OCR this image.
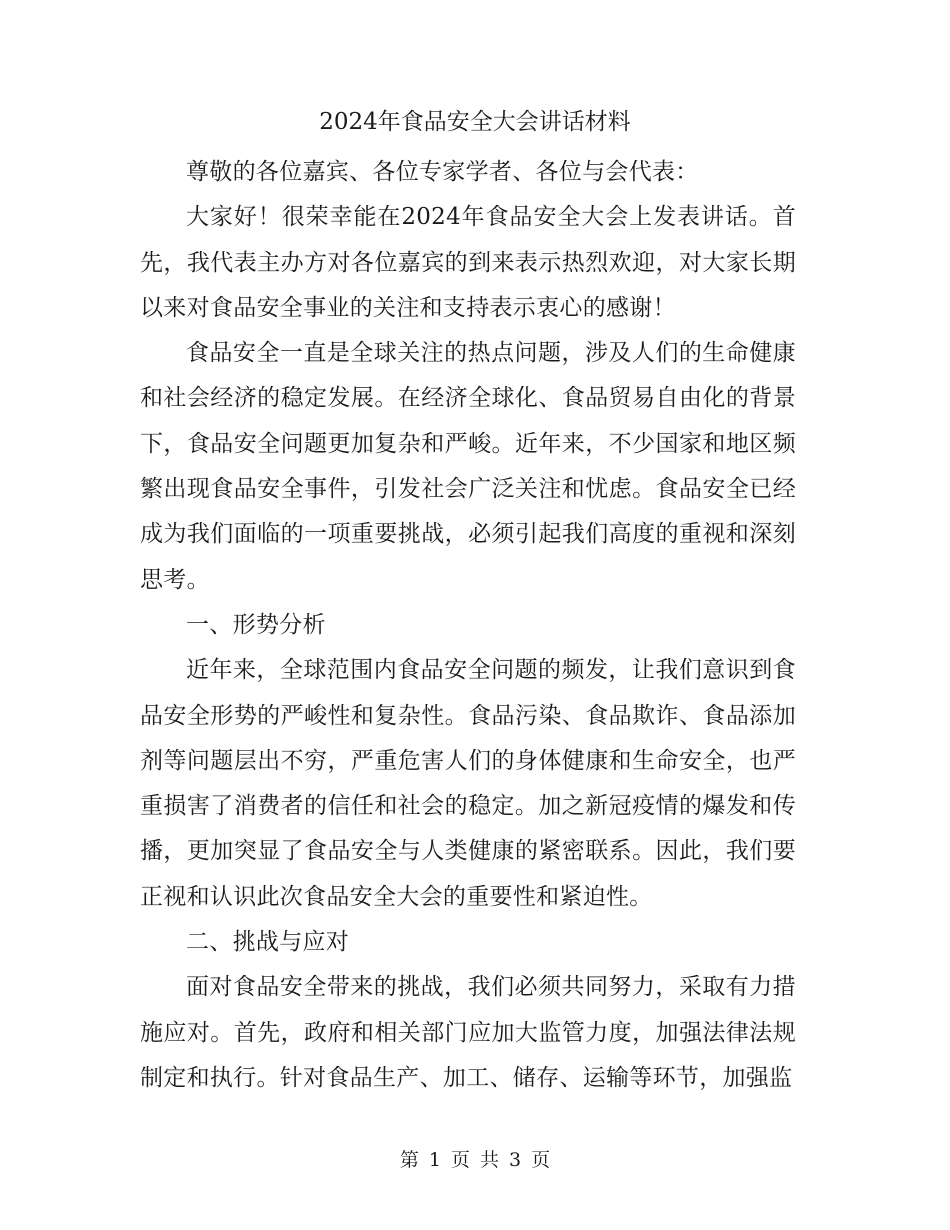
2024年食品安全大会讲话材料

尊敬的各位嘉宾、各位专家学者、各位与会代表：

大家好！很荣幸能在2024年食品安全大会上发表讲话。首先，我代表主办方对各位嘉宾的到来表示热烈欢迎，对大家长期以来对食品安全事业的关注和支持表示衷心的感谢！

食品安全一直是全球关注的热点问题，涉及人们的生命健康和社会经济的稳定发展。在经济全球化、食品贸易自由化的背景下，食品安全问题更加复杂和严峻。近年来，不少国家和地区频繁出现食品安全事件，引发社会广泛关注和忧虑。食品安全已经成为我们面临的一项重要挑战，必须引起我们高度的重视和深刻思考。

一、形势分析

近年来，全球范围内食品安全问题的频发，让我们意识到食品安全形势的严峻性和复杂性。食品污染、食品欺诈、食品添加剂等问题层出不穷，严重危害人们的身体健康和生命安全，也严重损害了消费者的信任和社会的稳定。加之新冠疫情的爆发和传播，更加突显了食品安全与人类健康的紧密联系。因此，我们要正视和认识此次食品安全大会的重要性和紧迫性。

二、挑战与应对

面对食品安全带来的挑战，我们必须共同努力，采取有力措施应对。首先，政府和相关部门应加大监管力度，加强法律法规制定和执行。针对食品生产、加工、储存、运输等环节，加强监

第 1 页 共 3 页
